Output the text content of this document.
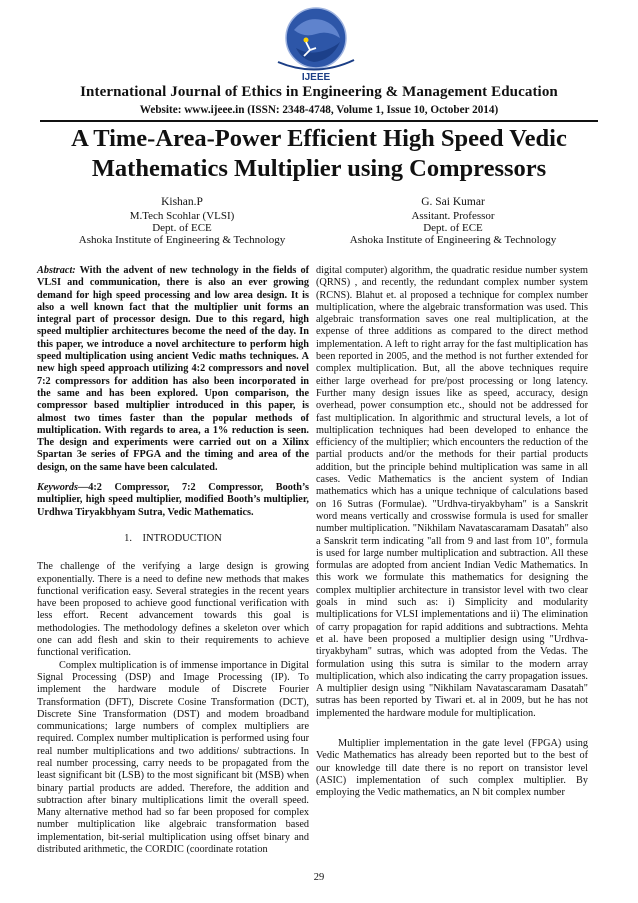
IJEEE
International Journal of Ethics in Engineering & Management Education
Website: www.ijeee.in (ISSN: 2348-4748, Volume 1, Issue 10, October 2014)
A Time-Area-Power Efficient High Speed Vedic
Mathematics Multiplier using Compressors
Kishan.P
M.Tech Scohlar (VLSI)
Dept. of ECE
Ashoka Institute of Engineering & Technology
G. Sai Kumar
Assitant. Professor
Dept. of ECE
Ashoka Institute of Engineering & Technology

Abstract: With the advent of new technology in the fields of VLSI and communication, there is also an ever growing demand for high speed processing and low area design. It is also a well known fact that the multiplier unit forms an integral part of processor design. Due to this regard, high speed multiplier architectures become the need of the day. In this paper, we introduce a novel architecture to perform high speed multiplication using ancient Vedic maths techniques. A new high speed approach utilizing 4:2 compressors and novel 7:2 compressors for addition has also been incorporated in the same and has been explored. Upon comparison, the compressor based multiplier introduced in this paper, is almost two times faster than the popular methods of multiplication. With regards to area, a 1% reduction is seen. The design and experiments were carried out on a Xilinx Spartan 3e series of FPGA and the timing and area of the design, on the same have been calculated.

Keywords—4:2 Compressor, 7:2 Compressor, Booth’s multiplier, high speed multiplier, modified Booth’s multiplier, Urdhwa Tiryakbhyam Sutra, Vedic Mathematics.

1.    INTRODUCTION

The challenge of the verifying a large design is growing exponentially. There is a need to define new methods that makes functional verification easy. Several strategies in the recent years have been proposed to achieve good functional verification with less effort. Recent advancement towards this goal is methodologies. The methodology defines a skeleton over which one can add flesh and skin to their requirements to achieve functional verification.

Complex multiplication is of immense importance in Digital Signal Processing (DSP) and Image Processing (IP). To implement the hardware module of Discrete Fourier Transformation (DFT), Discrete Cosine Transformation (DCT), Discrete Sine Transformation (DST) and modem broadband communications; large numbers of complex multipliers are required. Complex number multiplication is performed using four real number multiplications and two additions/ subtractions. In real number processing, carry needs to be propagated from the least significant bit (LSB) to the most significant bit (MSB) when binary partial products are added. Therefore, the addition and subtraction after binary multiplications limit the overall speed. Many alternative method had so far been proposed for complex number multiplication like algebraic transformation based implementation, bit-serial multiplication using offset binary and distributed arithmetic, the CORDIC (coordinate rotation

digital computer) algorithm, the quadratic residue number system (QRNS) , and recently, the redundant complex number system (RCNS). Blahut et. al proposed a technique for complex number multiplication, where the algebraic transformation was used. This algebraic transformation saves one real multiplication, at the expense of three additions as compared to the direct method implementation. A left to right array for the fast multiplication has been reported in 2005, and the method is not further extended for complex multiplication. But, all the above techniques require either large overhead for pre/post processing or long latency. Further many design issues like as speed, accuracy, design overhead, power consumption etc., should not be addressed for fast multiplication. In algorithmic and structural levels, a lot of multiplication techniques had been developed to enhance the efficiency of the multiplier; which encounters the reduction of the partial products and/or the methods for their partial products addition, but the principle behind multiplication was same in all cases. Vedic Mathematics is the ancient system of Indian mathematics which has a unique technique of calculations based on 16 Sutras (Formulae). "Urdhva-tiryakbyham" is a Sanskrit word means vertically and crosswise formula is used for smaller number multiplication. "Nikhilam Navatascaramam Dasatah" also a Sanskrit term indicating "all from 9 and last from 10", formula is used for large number multiplication and subtraction. All these formulas are adopted from ancient Indian Vedic Mathematics. In this work we formulate this mathematics for designing the complex multiplier architecture in transistor level with two clear goals in mind such as: i) Simplicity and modularity multiplications for VLSI implementations and ii) The elimination of carry propagation for rapid additions and subtractions. Mehta et al. have been proposed a multiplier design using "Urdhva-tiryakbyham" sutras, which was adopted from the Vedas. The formulation using this sutra is similar to the modern array multiplication, which also indicating the carry propagation issues. A multiplier design using "Nikhilam Navatascaramam Dasatah" sutras has been reported by Tiwari et. al in 2009, but he has not implemented the hardware module for multiplication.

Multiplier implementation in the gate level (FPGA) using Vedic Mathematics has already been reported but to the best of our knowledge till date there is no report on transistor level (ASIC) implementation of such complex multiplier. By employing the Vedic mathematics, an N bit complex number

29
